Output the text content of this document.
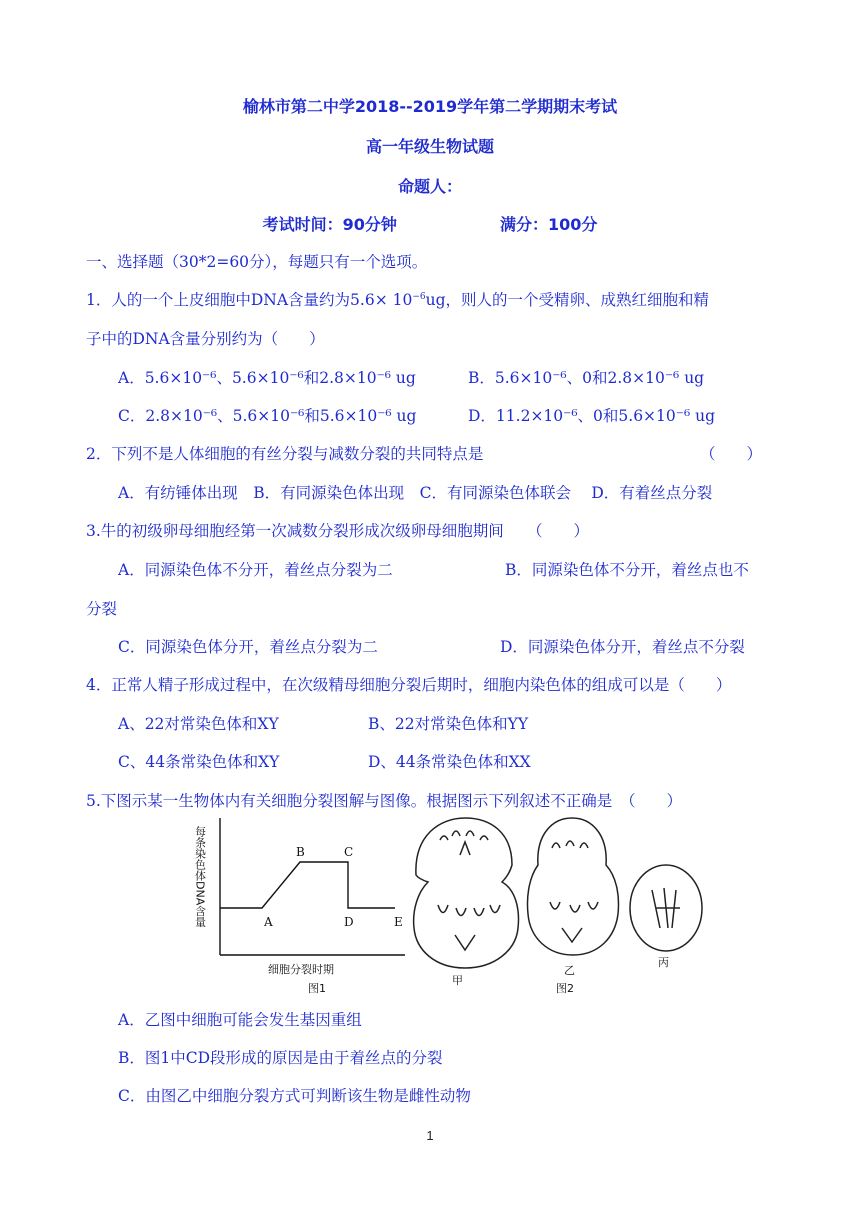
榆林市第二中学2018--2019学年第二学期期末考试
高一年级生物试题
命题人：
考试时间：90分钟	满分：100分
一、选择题（30*2=60分），每题只有一个选项。
1．人的一个上皮细胞中DNA含量约为$5.6\times 10^{-6}ug$，则人的一个受精卵、成熟红细胞和精
子中的DNA含量分别约为（　　）
A．5.6×10⁻⁶、5.6×10⁻⁶和2.8×10⁻⁶ ug	B．5.6×10⁻⁶、0和2.8×10⁻⁶ ug
C．2.8×10⁻⁶、5.6×10⁻⁶和5.6×10⁻⁶ ug	D．11.2×10⁻⁶、0和5.6×10⁻⁶ ug
2．下列不是人体细胞的有丝分裂与减数分裂的共同特点是	（　　）
A．有纺锤体出现　B．有同源染色体出现　C．有同源染色体联会　 D．有着丝点分裂
3.牛的初级卵母细胞经第一次减数分裂形成次级卵母细胞期间　　（　　）
A．同源染色体不分开，着丝点分裂为二	B．同源染色体不分开，着丝点也不
分裂
C．同源染色体分开，着丝点分裂为二	D．同源染色体分开，着丝点不分裂
4．正常人精子形成过程中，在次级精母细胞分裂后期时，细胞内染色体的组成可以是（　　）
A、22对常染色体和XY	B、22对常染色体和YY
C、44条常染色体和XY	D、44条常染色体和XX
5.下图示某一生物体内有关细胞分裂图解与图像。根据图示下列叙述不正确是　（　　）
每条染色体DNA含量	A
B	C
D	E
细胞分裂时期
图1
甲
乙
丙
图2
A．乙图中细胞可能会发生基因重组
B．图1中CD段形成的原因是由于着丝点的分裂
C．由图乙中细胞分裂方式可判断该生物是雌性动物
1
